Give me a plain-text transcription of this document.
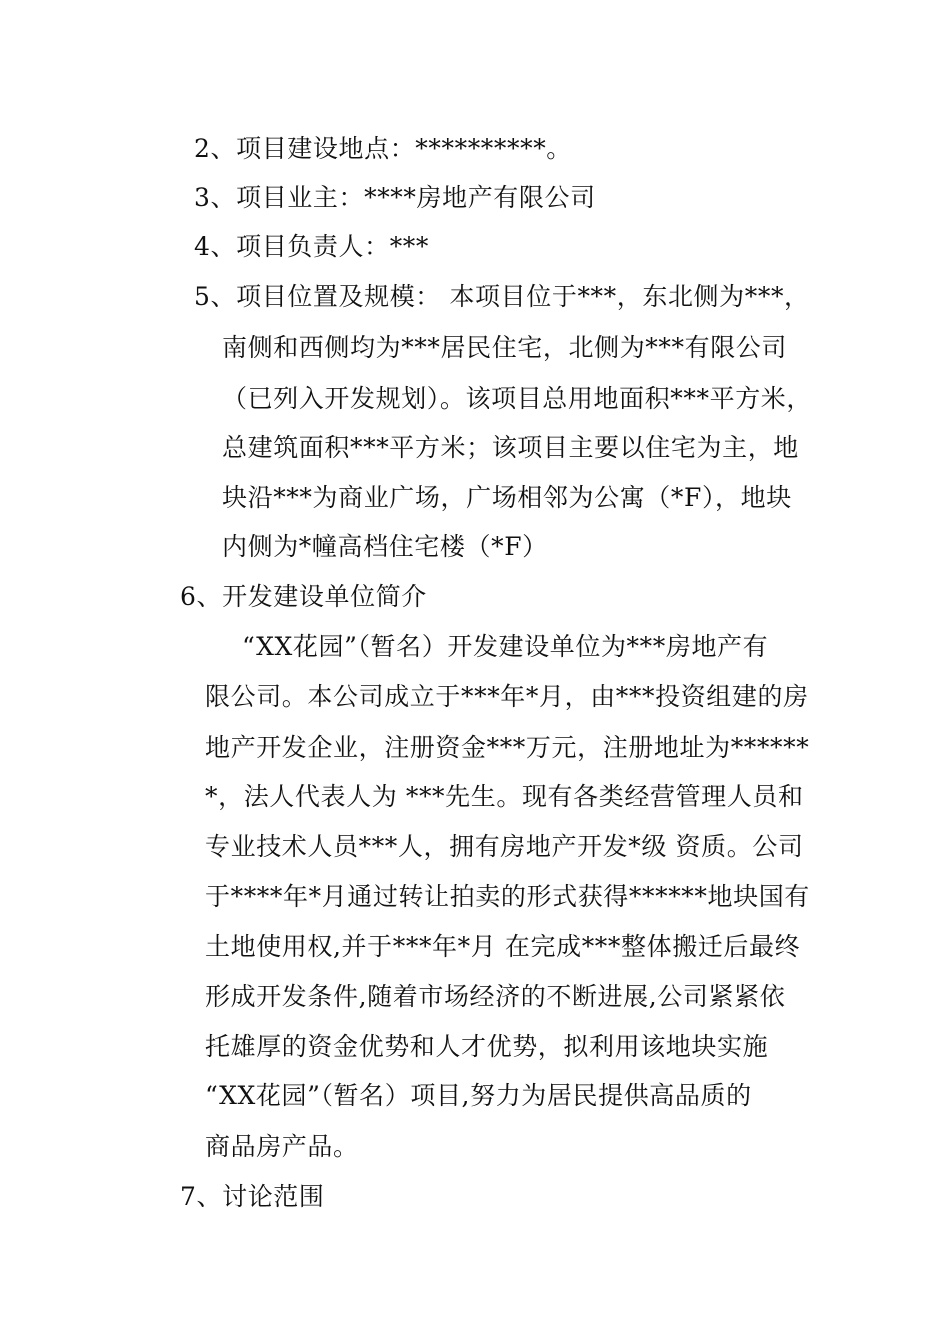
2、项目建设地点：**********。
3、项目业主：****房地产有限公司
4、项目负责人：***
5、项目位置及规模： 本项目位于***，东北侧为***，
南侧和西侧均为***居民住宅，北侧为***有限公司
（已列入开发规划）。该项目总用地面积***平方米，
总建筑面积***平方米；该项目主要以住宅为主，地
块沿***为商业广场，广场相邻为公寓（*F），地块
内侧为*幢高档住宅楼（*F）
6、开发建设单位简介
“XX花园”（暂名）开发建设单位为***房地产有
限公司。本公司成立于***年*月，由***投资组建的房
地产开发企业，注册资金***万元，注册地址为******
*，法人代表人为 ***先生。现有各类经营管理人员和
专业技术人员***人，拥有房地产开发*级 资质。公司
于****年*月通过转让拍卖的形式获得******地块国有
土地使用权,并于***年*月 在完成***整体搬迁后最终
形成开发条件,随着市场经济的不断进展,公司紧紧依
托雄厚的资金优势和人才优势，拟利用该地块实施
“XX花园”（暂名）项目,努力为居民提供高品质的
商品房产品。
7、讨论范围
